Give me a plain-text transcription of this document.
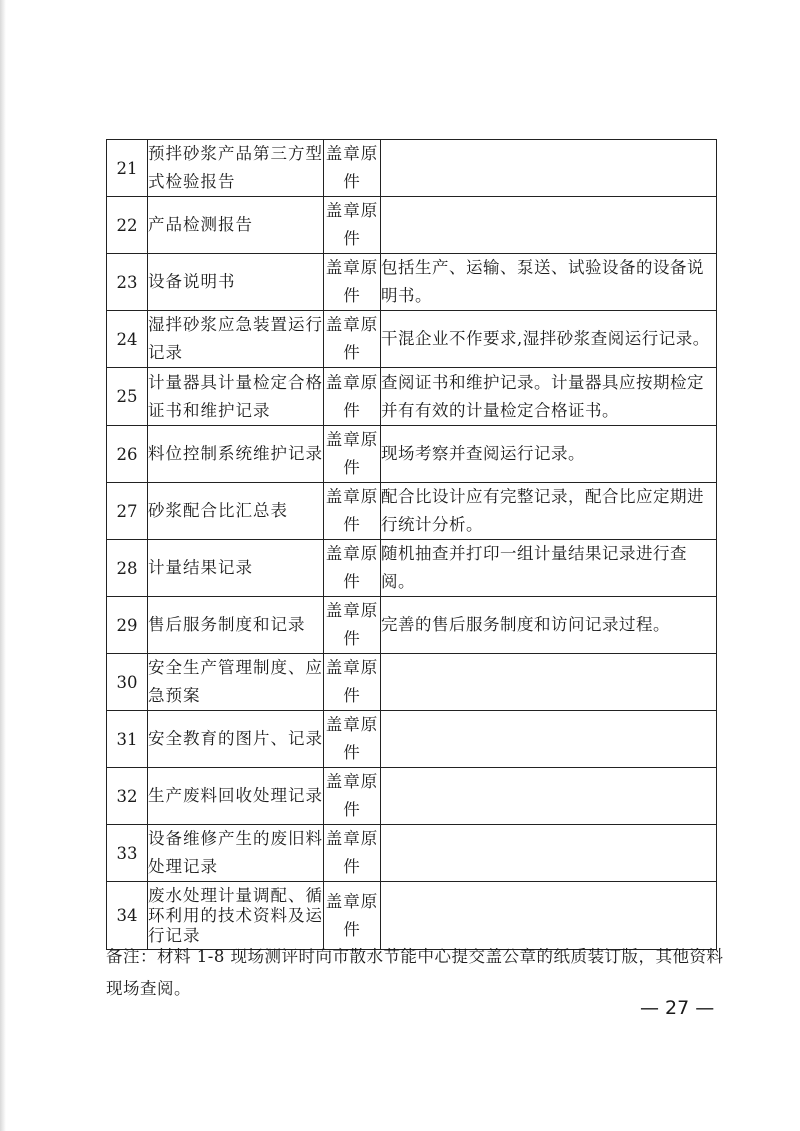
21	预拌砂浆产品第三方型式检验报告	盖章原件	
22	产品检测报告	盖章原件	
23	设备说明书	盖章原件	包括生产、运输、泵送、试验设备的设备说明书。
24	湿拌砂浆应急装置运行记录	盖章原件	干混企业不作要求,湿拌砂浆查阅运行记录。
25	计量器具计量检定合格证书和维护记录	盖章原件	查阅证书和维护记录。计量器具应按期检定并有有效的计量检定合格证书。
26	料位控制系统维护记录	盖章原件	现场考察并查阅运行记录。
27	砂浆配合比汇总表	盖章原件	配合比设计应有完整记录，配合比应定期进行统计分析。
28	计量结果记录	盖章原件	随机抽查并打印一组计量结果记录进行查阅。
29	售后服务制度和记录	盖章原件	完善的售后服务制度和访问记录过程。
30	安全生产管理制度、应急预案	盖章原件	
31	安全教育的图片、记录	盖章原件	
32	生产废料回收处理记录	盖章原件	
33	设备维修产生的废旧料处理记录	盖章原件	
34	废水处理计量调配、循环利用的技术资料及运行记录	盖章原件	
备注：材料 1-8 现场测评时向市散水节能中心提交盖公章的纸质装订版，其他资料现场查阅。
— 27 —
